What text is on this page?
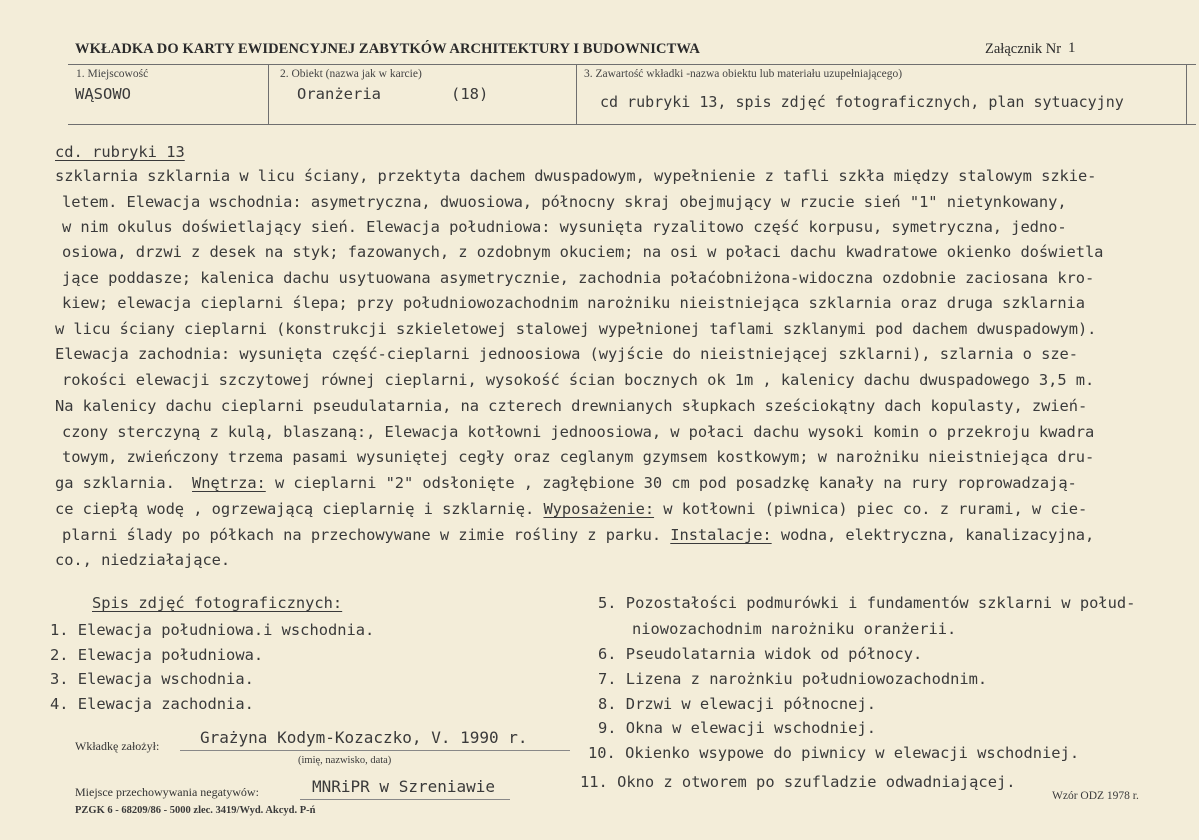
WKŁADKA DO KARTY EWIDENCYJNEJ ZABYTKÓW ARCHITEKTURY I BUDOWNICTWA	Załącznik Nr 1
1. Miejscowość
WĄSOWO
2. Obiekt (nazwa jak w karcie)
Oranżeria	(18)
3. Zawartość wkładki -nazwa obiektu lub materiału uzupełniającego)
cd rubryki 13, spis zdjęć fotograficznych, plan sytuacyjny
cd. rubryki 13
szklarnia szklarnia w licu ściany, przektyta dachem dwuspadowym, wypełnienie z tafli szkła między stalowym szkie-
letem. Elewacja wschodnia: asymetryczna, dwuosiowa, północny skraj obejmujący w rzucie sień "1" nietynkowany,
w nim okulus doświetlający sień. Elewacja południowa: wysunięta ryzalitowo część korpusu, symetryczna, jedno-
osiowa, drzwi z desek na styk; fazowanych, z ozdobnym okuciem; na osi w połaci dachu kwadratowe okienko doświetla
jące poddasze; kalenica dachu usytuowana asymetrycznie, zachodnia połaćobniżona-widoczna ozdobnie zaciosana kro-
kiew; elewacja cieplarni ślepa; przy południowozachodnim narożniku nieistniejąca szklarnia oraz druga szklarnia
w licu ściany cieplarni (konstrukcji szkieletowej stalowej wypełnionej taflami szklanymi pod dachem dwuspadowym).
Elewacja zachodnia: wysunięta część-cieplarni jednoosiowa (wyjście do nieistniejącej szklarni), szlarnia o sze-
rokości elewacji szczytowej równej cieplarni, wysokość ścian bocznych ok 1m , kalenicy dachu dwuspadowego 3,5 m.
Na kalenicy dachu cieplarni pseudulatarnia, na czterech drewnianych słupkach sześciokątny dach kopulasty, zwień-
czony sterczyną z kulą, blaszaną:, Elewacja kotłowni jednoosiowa, w połaci dachu wysoki komin o przekroju kwadra
towym, zwieńczony trzema pasami wysuniętej cegły oraz ceglanym gzymsem kostkowym; w narożniku nieistniejąca dru-
ga szklarnia. Wnętrza: w cieplarni "2" odsłonięte , zagłębione 30 cm pod posadzkę kanały na rury roprowadzają-
ce ciepłą wodę , ogrzewającą cieplarnię i szklarnię. Wyposażenie: w kotłowni (piwnica) piec co. z rurami, w cie-
plarni ślady po półkach na przechowywane w zimie rośliny z parku. Instalacje: wodna, elektryczna, kanalizacyjna,
co., niedziałające.
Spis zdjęć fotograficznych:
1. Elewacja południowa.i wschodnia.
2. Elewacja południowa.
3. Elewacja wschodnia.
4. Elewacja zachodnia.
5. Pozostałości podmurówki i fundamentów szklarni w połud-
niowozachodnim narożniku oranżerii.
6. Pseudolatarnia widok od północy.
7. Lizena z narożnkiu południowozachodnim.
8. Drzwi w elewacji północnej.
9. Okna w elewacji wschodniej.
10. Okienko wsypowe do piwnicy w elewacji wschodniej.
11. Okno z otworem po szufladzie odwadniającej.
Wkładkę założył:	Grażyna Kodym-Kozaczko, V. 1990 r.
(imię, nazwisko, data)
Miejsce przechowywania negatywów:	MNRiPR w Szreniawie
PZGK 6 - 68209/86 - 5000 zlec. 3419/Wyd. Akcyd. P-ń
Wzór ODZ 1978 r.
